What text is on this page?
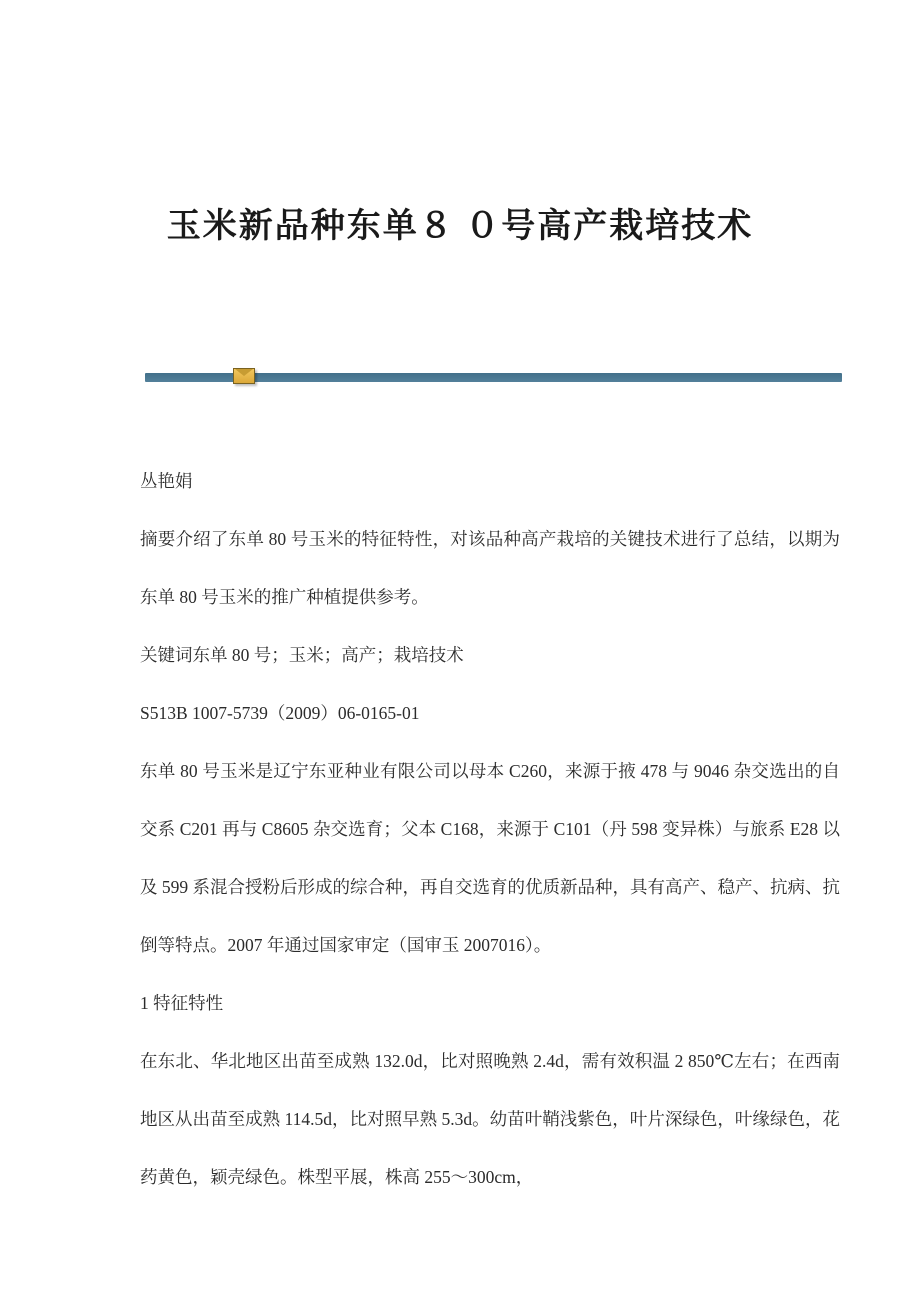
玉米新品种东单８ ０号高产栽培技术

丛艳娟

摘要介绍了东单 80 号玉米的特征特性，对该品种高产栽培的关键技术进行了总结，以期为东单 80 号玉米的推广种植提供参考。

关键词东单 80 号；玉米；高产；栽培技术

S513B 1007-5739（2009）06-0165-01

东单 80 号玉米是辽宁东亚种业有限公司以母本 C260，来源于掖 478 与 9046 杂交选出的自交系 C201 再与 C8605 杂交选育；父本 C168，来源于 C101（丹 598 变异株）与旅系 E28 以及 599 系混合授粉后形成的综合种，再自交选育的优质新品种，具有高产、稳产、抗病、抗倒等特点。2007 年通过国家审定（国审玉 2007016）。

1 特征特性

在东北、华北地区出苗至成熟 132.0d，比对照晚熟 2.4d，需有效积温 2 850℃左右；在西南地区从出苗至成熟 114.5d，比对照早熟 5.3d。幼苗叶鞘浅紫色，叶片深绿色，叶缘绿色，花药黄色，颖壳绿色。株型平展，株高 255～300cm，
